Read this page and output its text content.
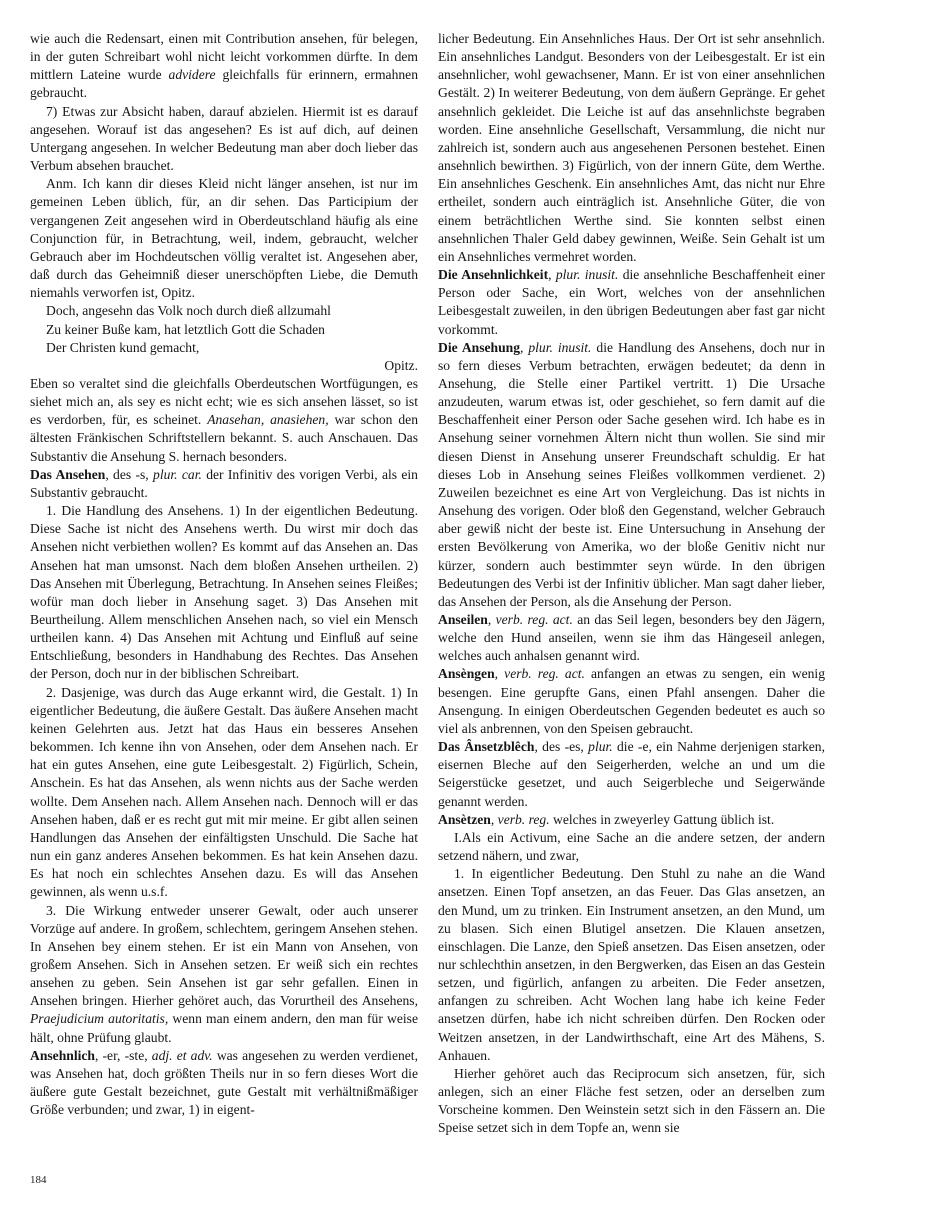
wie auch die Redensart, einen mit Contribution ansehen, für belegen, in der guten Schreibart wohl nicht leicht vorkommen dürfte. In dem mittlern Lateine wurde advidere gleichfalls für erinnern, ermahnen gebraucht.

7) Etwas zur Absicht haben, darauf abzielen. Hiermit ist es darauf angesehen. Worauf ist das angesehen? Es ist auf dich, auf deinen Untergang angesehen. In welcher Bedeutung man aber doch lieber das Verbum absehen brauchet.

Anm. Ich kann dir dieses Kleid nicht länger ansehen, ist nur im gemeinen Leben üblich, für, an dir sehen. Das Participium der vergangenen Zeit angesehen wird in Oberdeutschland häufig als eine Conjunction für, in Betrachtung, weil, indem, gebraucht, welcher Gebrauch aber im Hochdeutschen völlig veraltet ist. Angesehen aber, daß durch das Geheimniß dieser unerschöpften Liebe, die Demuth niemahls verworfen ist, Opitz.

Doch, angesehn das Volk noch durch dieß allzumahl

Zu keiner Buße kam, hat letztlich Gott die Schaden

Der Christen kund gemacht,

Opitz.

Eben so veraltet sind die gleichfalls Oberdeutschen Wortfügungen, es siehet mich an, als sey es nicht echt; wie es sich ansehen lässet, so ist es verdorben, für, es scheinet. Anasehan, anasiehen, war schon den ältesten Fränkischen Schriftstellern bekannt. S. auch Anschauen. Das Substantiv die Ansehung S. hernach besonders.

Das Ansehen, des -s, plur. car. der Infinitiv des vorigen Verbi, als ein Substantiv gebraucht.

1. Die Handlung des Ansehens. 1) In der eigentlichen Bedeutung. Diese Sache ist nicht des Ansehens werth. Du wirst mir doch das Ansehen nicht verbiethen wollen? Es kommt auf das Ansehen an. Das Ansehen hat man umsonst. Nach dem bloßen Ansehen urtheilen. 2) Das Ansehen mit Überlegung, Betrachtung. In Ansehen seines Fleißes; wofür man doch lieber in Ansehung saget. 3) Das Ansehen mit Beurtheilung. Allem menschlichen Ansehen nach, so viel ein Mensch urtheilen kann. 4) Das Ansehen mit Achtung und Einfluß auf seine Entschließung, besonders in Handhabung des Rechtes. Das Ansehen der Person, doch nur in der biblischen Schreibart.

2. Dasjenige, was durch das Auge erkannt wird, die Gestalt. 1) In eigentlicher Bedeutung, die äußere Gestalt. Das äußere Ansehen macht keinen Gelehrten aus. Jetzt hat das Haus ein besseres Ansehen bekommen. Ich kenne ihn von Ansehen, oder dem Ansehen nach. Er hat ein gutes Ansehen, eine gute Leibesgestalt. 2) Figürlich, Schein, Anschein. Es hat das Ansehen, als wenn nichts aus der Sache werden wollte. Dem Ansehen nach. Allem Ansehen nach. Dennoch will er das Ansehen haben, daß er es recht gut mit mir meine. Er gibt allen seinen Handlungen das Ansehen der einfältigsten Unschuld. Die Sache hat nun ein ganz anderes Ansehen bekommen. Es hat kein Ansehen dazu. Es hat noch ein schlechtes Ansehen dazu. Es will das Ansehen gewinnen, als wenn u.s.f.

3. Die Wirkung entweder unserer Gewalt, oder auch unserer Vorzüge auf andere. In großem, schlechtem, geringem Ansehen stehen. In Ansehen bey einem stehen. Er ist ein Mann von Ansehen, von großem Ansehen. Sich in Ansehen setzen. Er weiß sich ein rechtes ansehen zu geben. Sein Ansehen ist gar sehr gefallen. Einen in Ansehen bringen. Hierher gehöret auch, das Vorurtheil des Ansehens, Praejudicium autoritatis, wenn man einem andern, den man für weise hält, ohne Prüfung glaubt.

Ansehnlich, -er, -ste, adj. et adv. was angesehen zu werden verdienet, was Ansehen hat, doch größten Theils nur in so fern dieses Wort die äußere gute Gestalt bezeichnet, gute Gestalt mit verhältnißmäßiger Größe verbunden; und zwar, 1) in eigent-

licher Bedeutung. Ein Ansehnliches Haus. Der Ort ist sehr ansehnlich. Ein ansehnliches Landgut. Besonders von der Leibesgestalt. Er ist ein ansehnlicher, wohl gewachsener, Mann. Er ist von einer ansehnlichen Gestält. 2) In weiterer Bedeutung, von dem äußern Gepränge. Er gehet ansehnlich gekleidet. Die Leiche ist auf das ansehnlichste begraben worden. Eine ansehnliche Gesellschaft, Versammlung, die nicht nur zahlreich ist, sondern auch aus angesehenen Personen bestehet. Einen ansehnlich bewirthen. 3) Figürlich, von der innern Güte, dem Werthe. Ein ansehnliches Geschenk. Ein ansehnliches Amt, das nicht nur Ehre ertheilet, sondern auch einträglich ist. Ansehnliche Güter, die von einem beträchtlichen Werthe sind. Sie konnten selbst einen ansehnlichen Thaler Geld dabey gewinnen, Weiße. Sein Gehalt ist um ein Ansehnliches vermehret worden.

Die Ansehnlichkeit, plur. inusit. die ansehnliche Beschaffenheit einer Person oder Sache, ein Wort, welches von der ansehnlichen Leibesgestalt zuweilen, in den übrigen Bedeutungen aber fast gar nicht vorkommt.

Die Ansehung, plur. inusit. die Handlung des Ansehens, doch nur in so fern dieses Verbum betrachten, erwägen bedeutet; da denn in Ansehung, die Stelle einer Partikel vertritt. 1) Die Ursache anzudeuten, warum etwas ist, oder geschiehet, so fern damit auf die Beschaffenheit einer Person oder Sache gesehen wird. Ich habe es in Ansehung seiner vornehmen Ältern nicht thun wollen. Sie sind mir diesen Dienst in Ansehung unserer Freundschaft schuldig. Er hat dieses Lob in Ansehung seines Fleißes vollkommen verdienet. 2) Zuweilen bezeichnet es eine Art von Vergleichung. Das ist nichts in Ansehung des vorigen. Oder bloß den Gegenstand, welcher Gebrauch aber gewiß nicht der beste ist. Eine Untersuchung in Ansehung der ersten Bevölkerung von Amerika, wo der bloße Genitiv nicht nur kürzer, sondern auch bestimmter seyn würde. In den übrigen Bedeutungen des Verbi ist der Infinitiv üblicher. Man sagt daher lieber, das Ansehen der Person, als die Ansehung der Person.

Anseilen, verb. reg. act. an das Seil legen, besonders bey den Jägern, welche den Hund anseilen, wenn sie ihm das Hängeseil anlegen, welches auch anhalsen genannt wird.

Ansèngen, verb. reg. act. anfangen an etwas zu sengen, ein wenig besengen. Eine gerupfte Gans, einen Pfahl ansengen. Daher die Ansengung. In einigen Oberdeutschen Gegenden bedeutet es auch so viel als anbrennen, von den Speisen gebraucht.

Das Ânsetzblêch, des -es, plur. die -e, ein Nahme derjenigen starken, eisernen Bleche auf den Seigerherden, welche an und um die Seigerstücke gesetzet, und auch Seigerbleche und Seigerwände genannt werden.

Ansètzen, verb. reg. welches in zweyerley Gattung üblich ist.

I.Als ein Activum, eine Sache an die andere setzen, der andern setzend nähern, und zwar,

1. In eigentlicher Bedeutung. Den Stuhl zu nahe an die Wand ansetzen. Einen Topf ansetzen, an das Feuer. Das Glas ansetzen, an den Mund, um zu trinken. Ein Instrument ansetzen, an den Mund, um zu blasen. Sich einen Blutigel ansetzen. Die Klauen ansetzen, einschlagen. Die Lanze, den Spieß ansetzen. Das Eisen ansetzen, oder nur schlechthin ansetzen, in den Bergwerken, das Eisen an das Gestein setzen, und figürlich, anfangen zu arbeiten. Die Feder ansetzen, anfangen zu schreiben. Acht Wochen lang habe ich keine Feder ansetzen dürfen, habe ich nicht schreiben dürfen. Den Rocken oder Weitzen ansetzen, in der Landwirthschaft, eine Art des Mähens, S. Anhauen.

Hierher gehöret auch das Reciprocum sich ansetzen, für, sich anlegen, sich an einer Fläche fest setzen, oder an derselben zum Vorscheine kommen. Den Weinstein setzt sich in den Fässern an. Die Speise setzet sich in dem Topfe an, wenn sie

184
